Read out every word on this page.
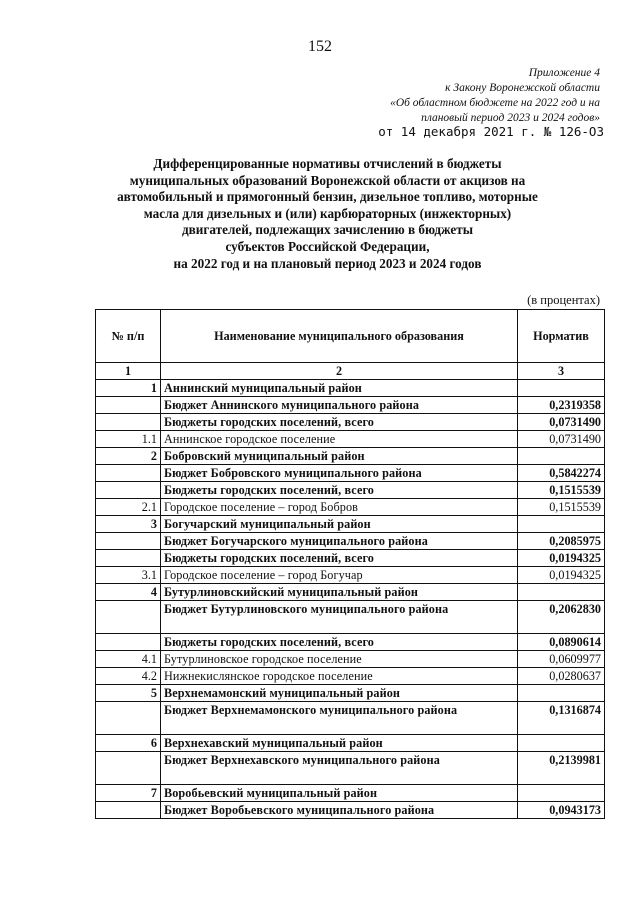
152
Приложение 4
к Закону Воронежской области
«Об областном бюджете на 2022 год и на
плановый период 2023 и 2024 годов»
от 14 декабря 2021 г. № 126-ОЗ
Дифференцированные нормативы отчислений в бюджеты
муниципальных образований Воронежской области от акцизов на
автомобильный и прямогонный бензин, дизельное топливо, моторные
масла для дизельных и (или) карбюраторных (инжекторных)
двигателей, подлежащих зачислению в бюджеты
субъектов Российской Федерации,
на 2022 год и на плановый период 2023 и 2024 годов
(в процентах)
№ п/п	Наименование муниципального образования	Норматив
1	2	3
1	Аннинский муниципальный район	
	Бюджет Аннинского муниципального района	0,2319358
	Бюджеты городских поселений, всего	0,0731490
1.1	Аннинское городское поселение	0,0731490
2	Бобровский муниципальный район	
	Бюджет Бобровского муниципального района	0,5842274
	Бюджеты городских поселений, всего	0,1515539
2.1	Городское поселение – город Бобров	0,1515539
3	Богучарский муниципальный район	
	Бюджет Богучарского муниципального района	0,2085975
	Бюджеты городских поселений, всего	0,0194325
3.1	Городское поселение – город Богучар	0,0194325
4	Бутурлиновскийский муниципальный район	
	Бюджет Бутурлиновского муниципального района	0,2062830
	Бюджеты городских поселений, всего	0,0890614
4.1	Бутурлиновское городское поселение	0,0609977
4.2	Нижнекислянское городское поселение	0,0280637
5	Верхнемамонский муниципальный район	
	Бюджет Верхнемамонского муниципального района	0,1316874
6	Верхнехавский муниципальный район	
	Бюджет Верхнехавского муниципального района	0,2139981
7	Воробьевский муниципальный район	
	Бюджет Воробьевского муниципального района	0,0943173
